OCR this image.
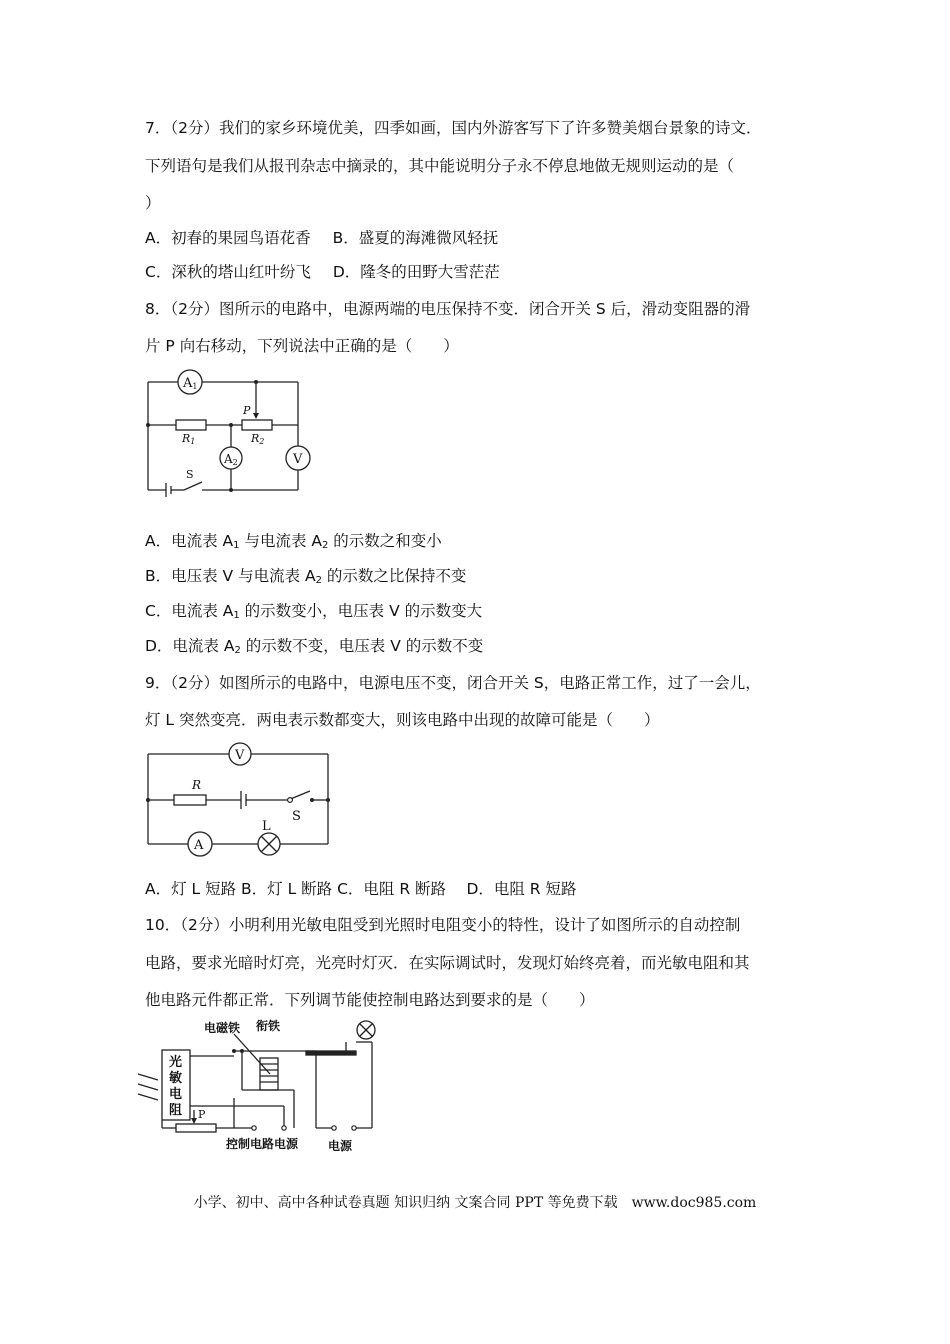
7．（2分）我们的家乡环境优美，四季如画，国内外游客写下了许多赞美烟台景象的诗文．
下列语句是我们从报刊杂志中摘录的，其中能说明分子永不停息地做无规则运动的是（
）
A．初春的果园鸟语花香 B．盛夏的海滩微风轻抚
C．深秋的塔山红叶纷飞 D．隆冬的田野大雪茫茫
8．（2分）图所示的电路中，电源两端的电压保持不变．闭合开关 S 后，滑动变阻器的滑
片 P 向右移动，下列说法中正确的是（　　）
A1
A2	V
P
R1	R2
S
A．电流表 $A_1$ 与电流表 $A_2$ 的示数之和变小
B．电压表 V 与电流表 $A_2$ 的示数之比保持不变
C．电流表 $A_1$ 的示数变小，电压表 V 的示数变大
D．电流表 $A_2$ 的示数不变，电压表 V 的示数不变
9．（2分）如图所示的电路中，电源电压不变，闭合开关 S，电路正常工作，过了一会儿，
灯 L 突然变亮．两电表示数都变大，则该电路中出现的故障可能是（　　）
V
R
S
L
A
A．灯 L 短路 B．灯 L 断路 C．电阻 R 断路　 D．电阻 R 短路
10．（2分）小明利用光敏电阻受到光照时电阻变小的特性，设计了如图所示的自动控制
电路，要求光暗时灯亮，光亮时灯灭．在实际调试时，发现灯始终亮着，而光敏电阻和其
他电路元件都正常．下列调节能使控制电路达到要求的是（　　）
电磁铁 衔铁
光
敏
电
阻 P
控制电路电源 电源
小学、初中、高中各种试卷真题 知识归纳 文案合同 PPT 等免费下载　www.doc985.com
